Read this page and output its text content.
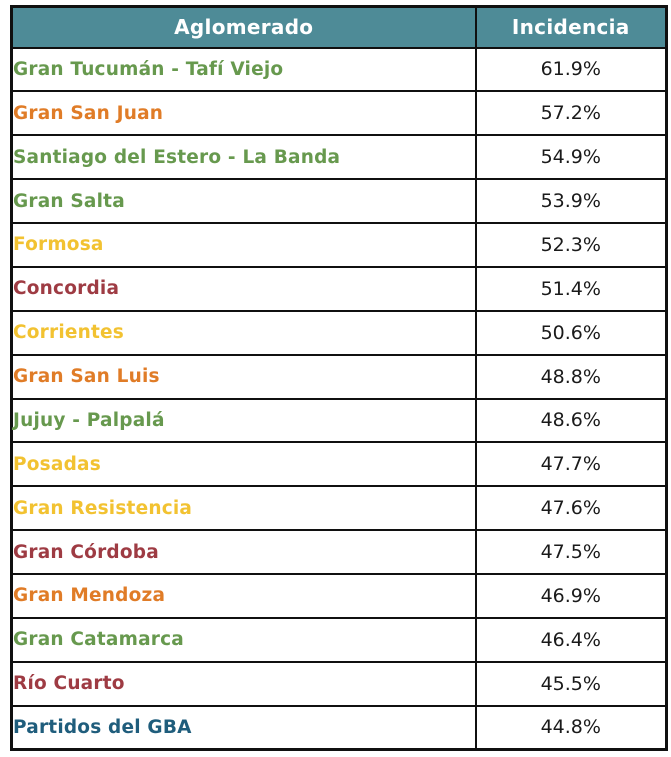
Aglomerado	Incidencia
Gran Tucumán - Tafí Viejo	61.9%
Gran San Juan	57.2%
Santiago del Estero - La Banda	54.9%
Gran Salta	53.9%
Formosa	52.3%
Concordia	51.4%
Corrientes	50.6%
Gran San Luis	48.8%
Jujuy - Palpalá	48.6%
Posadas	47.7%
Gran Resistencia	47.6%
Gran Córdoba	47.5%
Gran Mendoza	46.9%
Gran Catamarca	46.4%
Río Cuarto	45.5%
Partidos del GBA	44.8%
